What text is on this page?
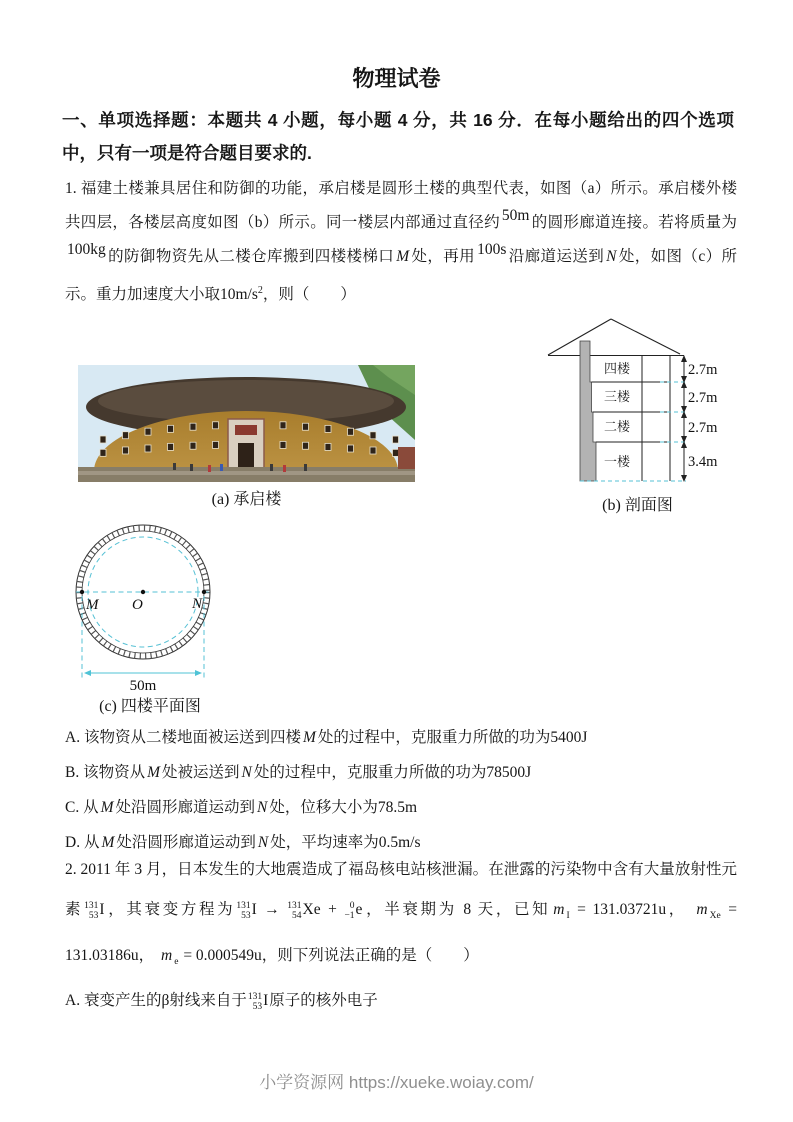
物理试卷

一、单项选择题：本题共 4 小题，每小题 4 分，共 16 分．在每小题给出的四个选项中，只有一项是符合题目要求的.

1. 福建土楼兼具居住和防御的功能，承启楼是圆形土楼的典型代表，如图（a）所示。承启楼外楼共四层，各楼层高度如图（b）所示。同一楼层内部通过直径约 50m 的圆形廊道连接。若将质量为100kg 的防御物资先从二楼仓库搬到四楼楼梯口 M 处，再用 100s 沿廊道运送到 N 处，如图（c）所示。重力加速度大小取$10m/s^2$，则（　　）

(a) 承启楼
四楼
三楼
二楼
一楼
2.7m
2.7m
2.7m
3.4m
(b) 剖面图
M O	N
50m
(c) 四楼平面图

A. 该物资从二楼地面被运送到四楼 M 处的过程中，克服重力所做的功为5400J

B. 该物资从 M 处被运送到 N 处的过程中，克服重力所做的功为78500J

C. 从 M 处沿圆形廊道运动到 N 处，位移大小为78.5m

D. 从 M 处沿圆形廊道运动到 N 处，平均速率为0.5m/s

2. 2011 年 3 月，日本发生的大地震造成了福岛核电站核泄漏。在泄露的污染物中含有大量放射性元素 131
53 I，其衰变方程为 131
53 I → 131
54 Xe + 0
−1 e，半衰期为 8 天，已知 m $_I$ = 131.03721u， m $_{Xe}$ = 131.03186u， m $_e$ = 0.000549u，则下列说法正确的是（　　）

A. 衰变产生的β射线来自于 131
53 I原子的核外电子

小学资源网 https://xueke.woiay.com/
